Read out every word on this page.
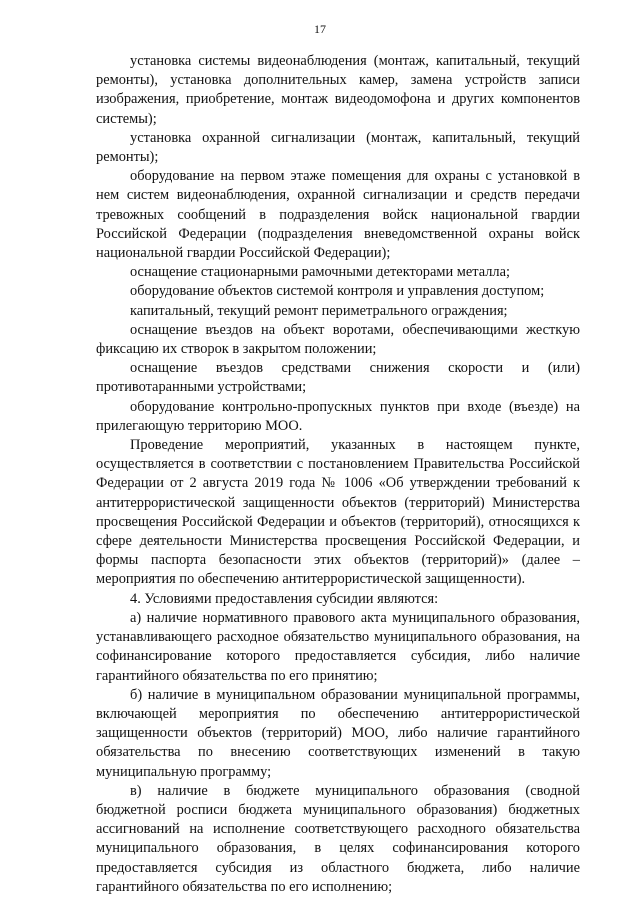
17

установка системы видеонаблюдения (монтаж, капитальный, текущий ремонты), установка дополнительных камер, замена устройств записи изображения, приобретение, монтаж видеодомофона и других компонентов системы);

установка охранной сигнализации (монтаж, капитальный, текущий ремонты);

оборудование на первом этаже помещения для охраны с установкой в нем систем видеонаблюдения, охранной сигнализации и средств передачи тревожных сообщений в подразделения войск национальной гвардии Российской Федерации (подразделения вневедомственной охраны войск национальной гвардии Российской Федерации);

оснащение стационарными рамочными детекторами металла;

оборудование объектов системой контроля и управления доступом;

капитальный, текущий ремонт периметрального ограждения;

оснащение въездов на объект воротами, обеспечивающими жесткую фиксацию их створок в закрытом положении;

оснащение въездов средствами снижения скорости и (или) противотаранными устройствами;

оборудование контрольно-пропускных пунктов при входе (въезде) на прилегающую территорию МОО.

Проведение мероприятий, указанных в настоящем пункте, осуществляется в соответствии с постановлением Правительства Российской Федерации от 2 августа 2019 года № 1006 «Об утверждении требований к антитеррористической защищенности объектов (территорий) Министерства просвещения Российской Федерации и объектов (территорий), относящихся к сфере деятельности Министерства просвещения Российской Федерации, и формы паспорта безопасности этих объектов (территорий)» (далее – мероприятия по обеспечению антитеррористической защищенности).

4. Условиями предоставления субсидии являются:

а) наличие нормативного правового акта муниципального образования, устанавливающего расходное обязательство муниципального образования, на софинансирование которого предоставляется субсидия, либо наличие гарантийного обязательства по его принятию;

б) наличие в муниципальном образовании муниципальной программы, включающей мероприятия по обеспечению антитеррористической защищенности объектов (территорий) МОО, либо наличие гарантийного обязательства по внесению соответствующих изменений в такую муниципальную программу;

в) наличие в бюджете муниципального образования (сводной бюджетной росписи бюджета муниципального образования) бюджетных ассигнований на исполнение соответствующего расходного обязательства муниципального образования, в целях софинансирования которого предоставляется субсидия из областного бюджета, либо наличие гарантийного обязательства по его исполнению;
